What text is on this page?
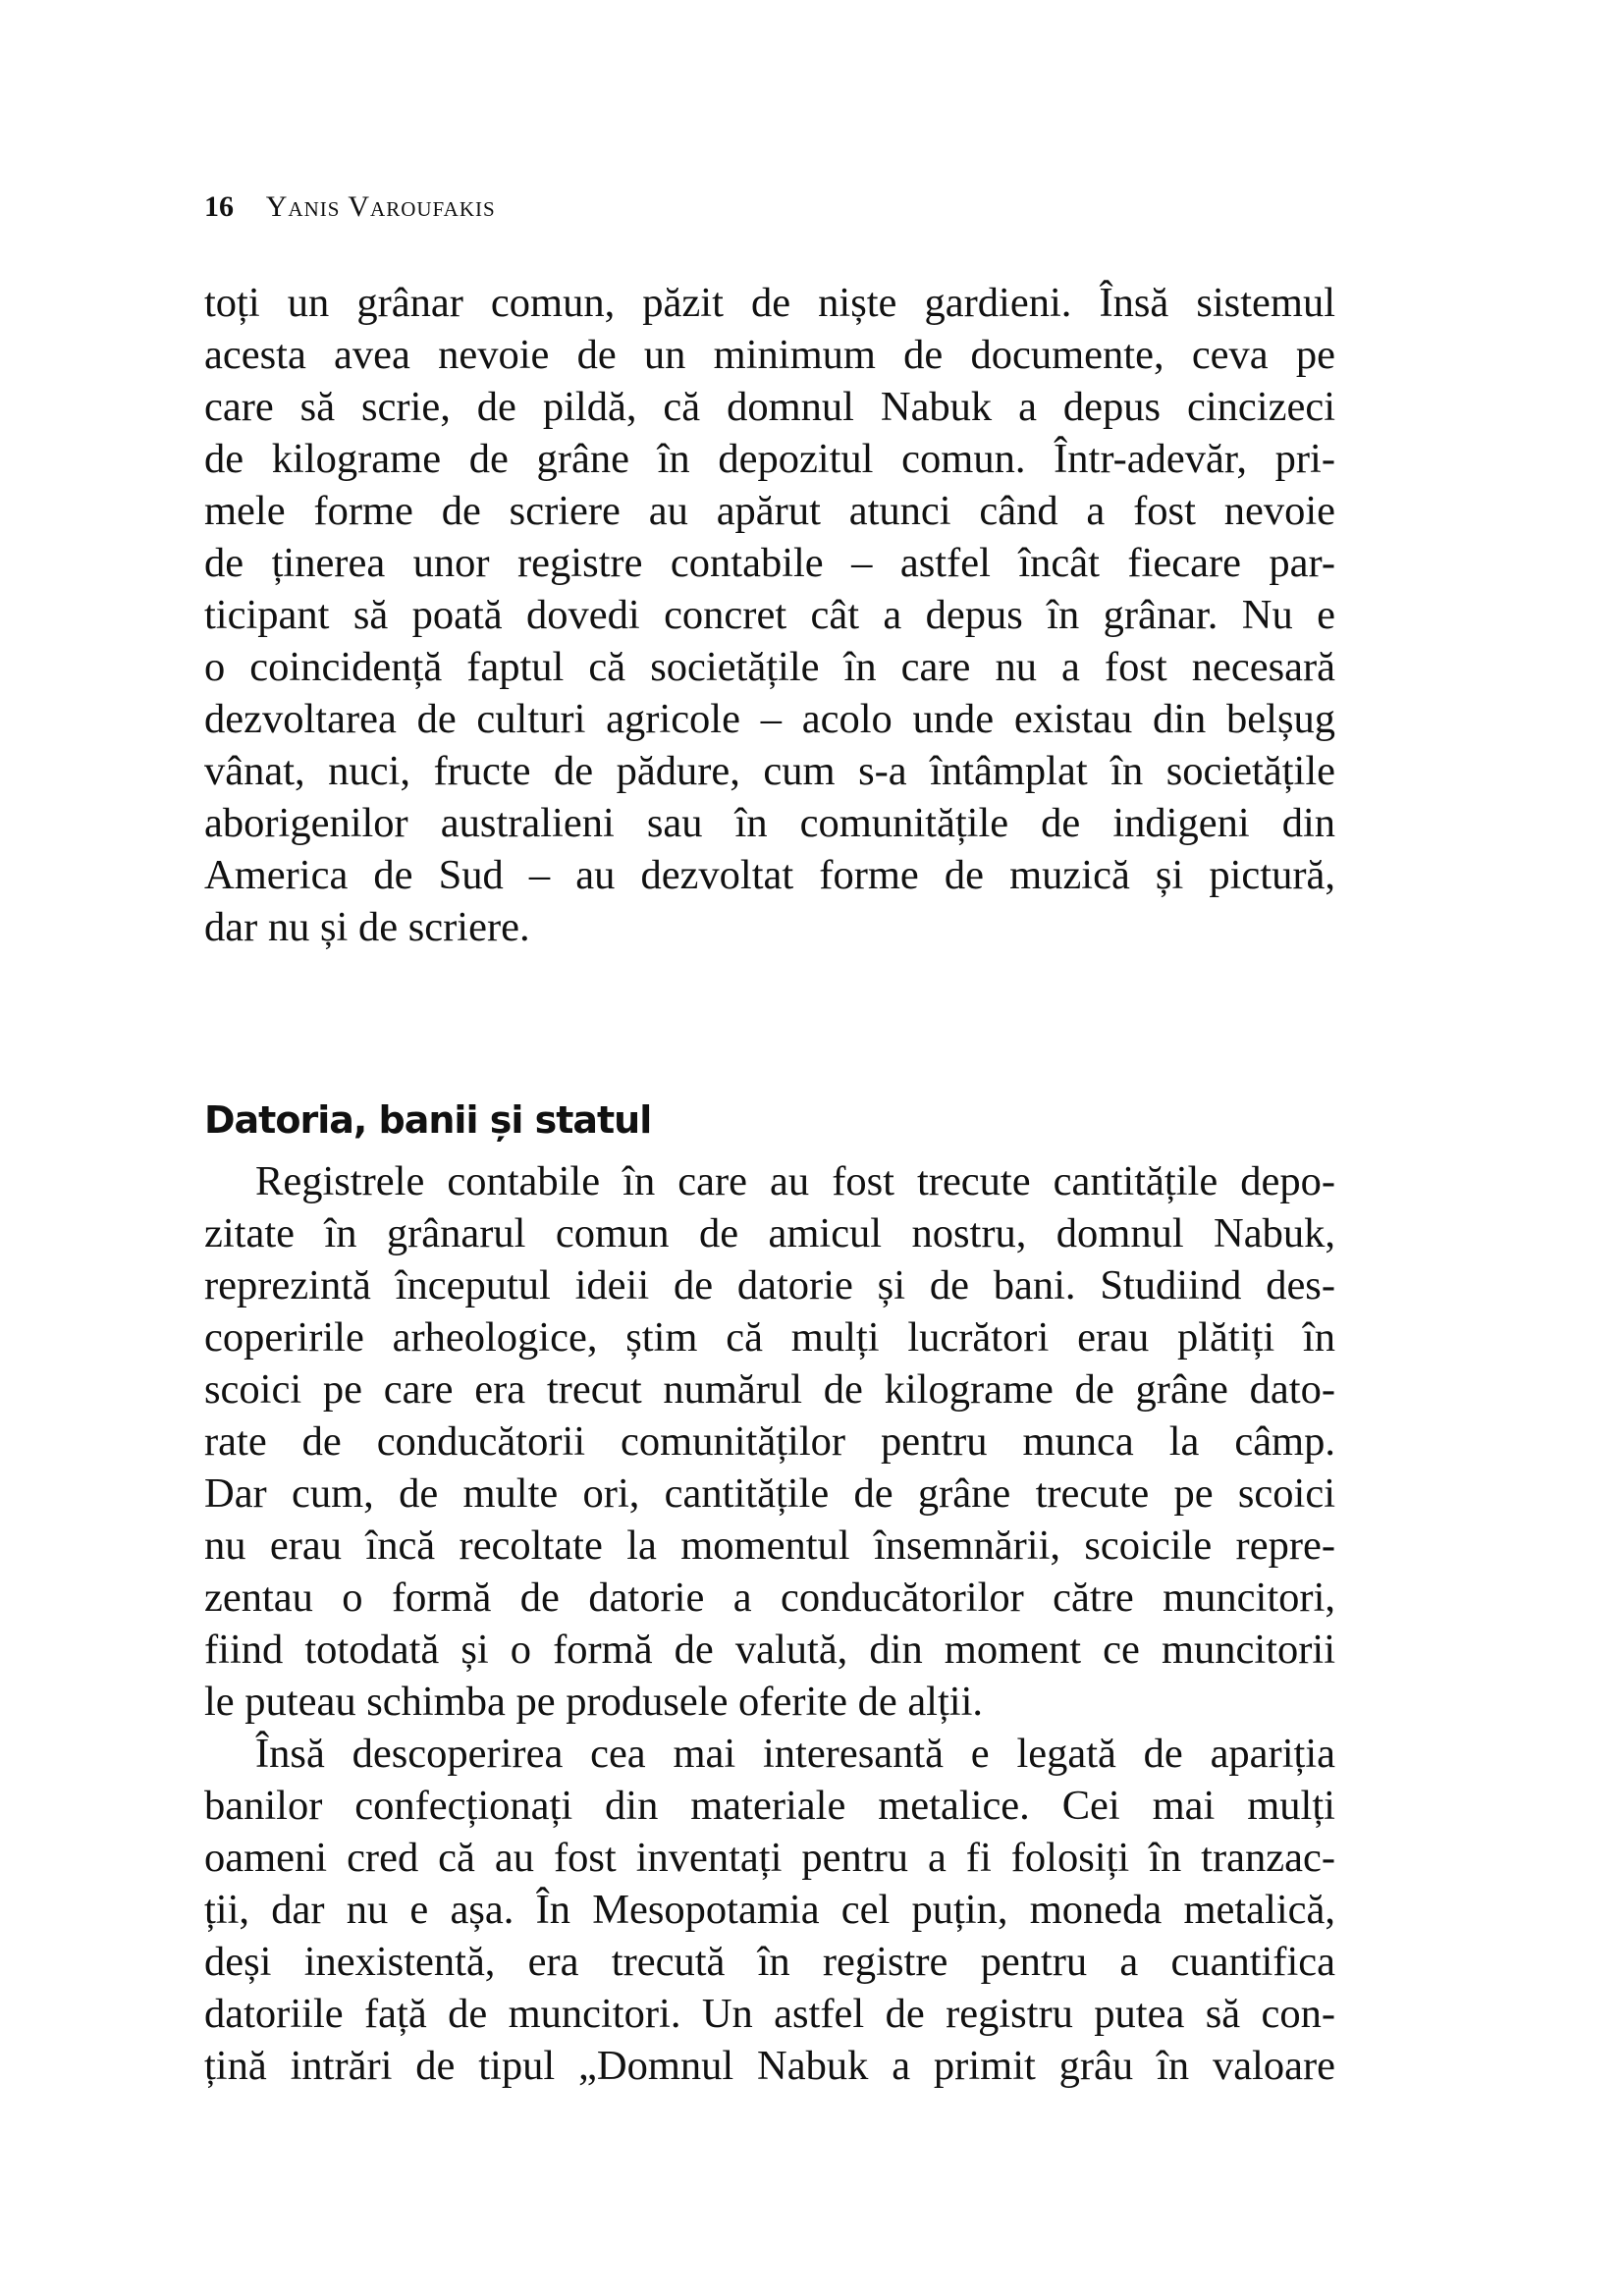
16 Yanis Varoufakis
toți un grânar comun, păzit de niște gardieni. Însă sistemul
acesta avea nevoie de un minimum de documente, ceva pe
care să scrie, de pildă, că domnul Nabuk a depus cincizeci
de kilograme de grâne în depozitul comun. Într-adevăr, pri-
mele forme de scriere au apărut atunci când a fost nevoie
de ținerea unor registre contabile – astfel încât fiecare par-
ticipant să poată dovedi concret cât a depus în grânar. Nu e
o coincidență faptul că societățile în care nu a fost necesară
dezvoltarea de culturi agricole – acolo unde existau din belșug
vânat, nuci, fructe de pădure, cum s-a întâmplat în societățile
aborigenilor australieni sau în comunitățile de indigeni din
America de Sud – au dezvoltat forme de muzică și pictură,
dar nu și de scriere.
Datoria, banii și statul
Registrele contabile în care au fost trecute cantitățile depo-
zitate în grânarul comun de amicul nostru, domnul Nabuk,
reprezintă începutul ideii de datorie și de bani. Studiind des-
coperirile arheologice, știm că mulți lucrători erau plătiți în
scoici pe care era trecut numărul de kilograme de grâne dato-
rate de conducătorii comunităților pentru munca la câmp.
Dar cum, de multe ori, cantitățile de grâne trecute pe scoici
nu erau încă recoltate la momentul însemnării, scoicile repre-
zentau o formă de datorie a conducătorilor către muncitori,
fiind totodată și o formă de valută, din moment ce muncitorii
le puteau schimba pe produsele oferite de alții.
Însă descoperirea cea mai interesantă e legată de apariția
banilor confecționați din materiale metalice. Cei mai mulți
oameni cred că au fost inventați pentru a fi folosiți în tranzac-
ții, dar nu e așa. În Mesopotamia cel puțin, moneda metalică,
deși inexistentă, era trecută în registre pentru a cuantifica
datoriile față de muncitori. Un astfel de registru putea să con-
țină intrări de tipul „Domnul Nabuk a primit grâu în valoare
